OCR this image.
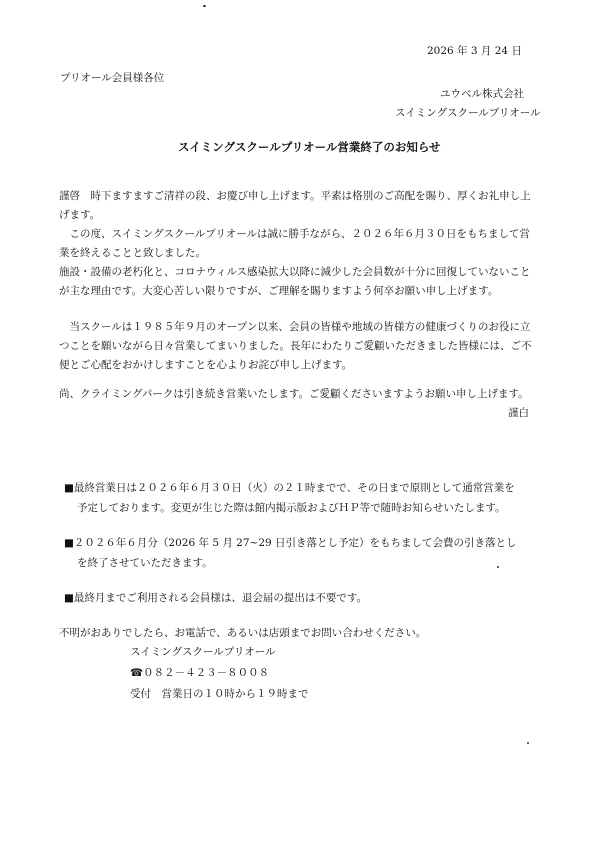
2026 年 3 月 24 日
プリオール会員様各位
ユウベル株式会社
スイミングスクールプリオール
スイミングスクールプリオール営業終了のお知らせ
謹啓　時下ますますご清祥の段、お慶び申し上げます。平素は格別のご高配を賜り、厚くお礼申し上
げます。
　この度、スイミングスクールプリオールは誠に勝手ながら、２０２６年６月３０日をもちまして営
業を終えることと致しました。
施設・設備の老朽化と、コロナウィルス感染拡大以降に減少した会員数が十分に回復していないこと
が主な理由です。大変心苦しい限りですが、ご理解を賜りますよう何卒お願い申し上げます。
　当スクールは１９８５年９月のオープン以来、会員の皆様や地域の皆様方の健康づくりのお役に立
つことを願いながら日々営業してまいりました。長年にわたりご愛顧いただきました皆様には、ご不
便とご心配をおかけしますことを心よりお詫び申し上げます。
尚、クライミングパークは引き続き営業いたします。ご愛顧くださいますようお願い申し上げます。
謹白
■最終営業日は２０２６年６月３０日（火）の２１時までで、その日まで原則として通常営業を
予定しております。変更が生じた際は館内掲示版およびＨＰ等で随時お知らせいたします。
■２０２６年６月分（2026 年 5 月 27~29 日引き落とし予定）をもちまして会費の引き落とし
を終了させていただきます。
■最終月までご利用される会員様は、退会届の提出は不要です。
不明がおありでしたら、お電話で、あるいは店頭までお問い合わせください。
スイミングスクールプリオール
☎０８２－４２３－８００８
受付　営業日の１０時から１９時まで
